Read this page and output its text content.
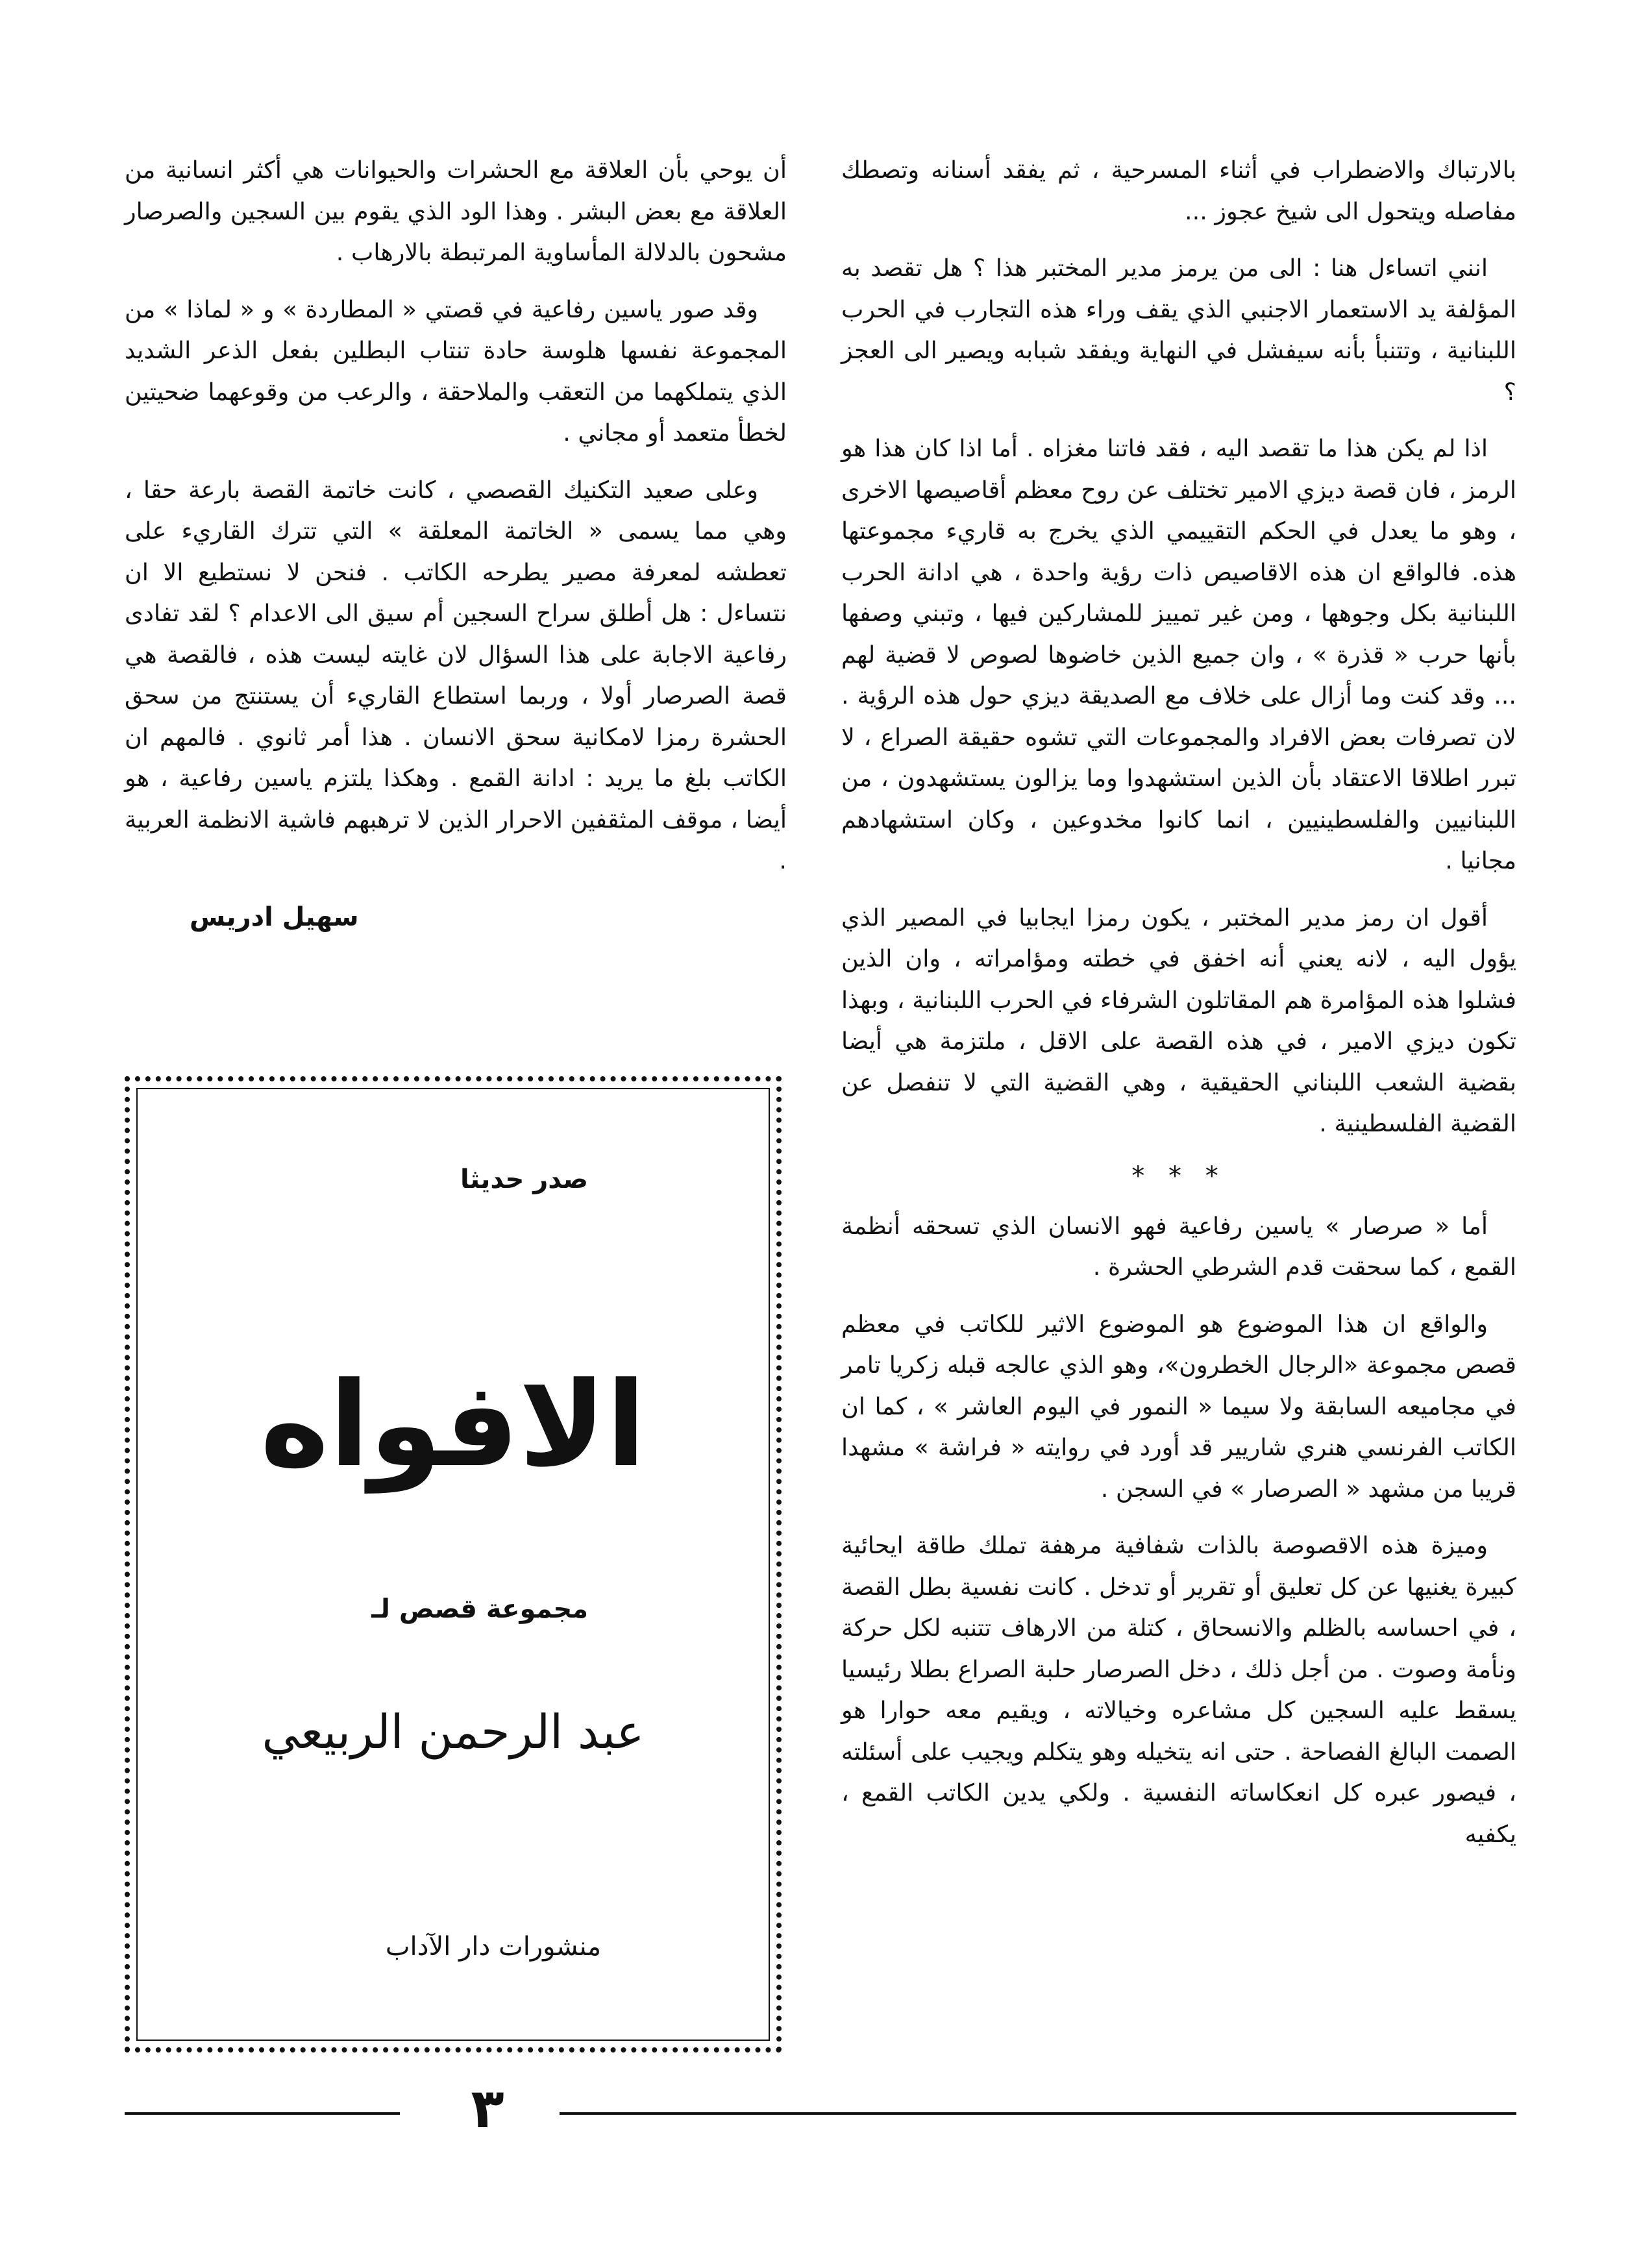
بالارتباك والاضطراب في أثناء المسرحية ، ثم يفقد أسنانه وتصطك مفاصله ويتحول الى شيخ عجوز ...

انني اتساءل هنا : الى من يرمز مدير المختبر هذا ؟ هل تقصد به المؤلفة يد الاستعمار الاجنبي الذي يقف وراء هذه التجارب في الحرب اللبنانية ، وتتنبأ بأنه سيفشل في النهاية ويفقد شبابه ويصير الى العجز ؟

اذا لم يكن هذا ما تقصد اليه ، فقد فاتنا مغزاه . أما اذا كان هذا هو الرمز ، فان قصة ديزي الامير تختلف عن روح معظم أقاصيصها الاخرى ، وهو ما يعدل في الحكم التقييمي الذي يخرج به قاريء مجموعتها هذه. فالواقع ان هذه الاقاصيص ذات رؤية واحدة ، هي ادانة الحرب اللبنانية بكل وجوهها ، ومن غير تمييز للمشاركين فيها ، وتبني وصفها بأنها حرب « قذرة » ، وان جميع الذين خاضوها لصوص لا قضية لهم ... وقد كنت وما أزال على خلاف مع الصديقة ديزي حول هذه الرؤية . لان تصرفات بعض الافراد والمجموعات التي تشوه حقيقة الصراع ، لا تبرر اطلاقا الاعتقاد بأن الذين استشهدوا وما يزالون يستشهدون ، من اللبنانيين والفلسطينيين ، انما كانوا مخدوعين ، وكان استشهادهم مجانيا .

أقول ان رمز مدير المختبر ، يكون رمزا ايجابيا في المصير الذي يؤول اليه ، لانه يعني أنه اخفق في خطته ومؤامراته ، وان الذين فشلوا هذه المؤامرة هم المقاتلون الشرفاء في الحرب اللبنانية ، وبهذا تكون ديزي الامير ، في هذه القصة على الاقل ، ملتزمة هي أيضا بقضية الشعب اللبناني الحقيقية ، وهي القضية التي لا تنفصل عن القضية الفلسطينية .

* * *

أما « صرصار » ياسين رفاعية فهو الانسان الذي تسحقه أنظمة القمع ، كما سحقت قدم الشرطي الحشرة .

والواقع ان هذا الموضوع هو الموضوع الاثير للكاتب في معظم قصص مجموعة «الرجال الخطرون»، وهو الذي عالجه قبله زكريا تامر في مجاميعه السابقة ولا سيما « النمور في اليوم العاشر » ، كما ان الكاتب الفرنسي هنري شاريير قد أورد في روايته « فراشة » مشهدا قريبا من مشهد « الصرصار » في السجن .

وميزة هذه الاقصوصة بالذات شفافية مرهفة تملك طاقة ايحائية كبيرة يغنيها عن كل تعليق أو تقرير أو تدخل . كانت نفسية بطل القصة ، في احساسه بالظلم والانسحاق ، كتلة من الارهاف تتنبه لكل حركة ونأمة وصوت . من أجل ذلك ، دخل الصرصار حلبة الصراع بطلا رئيسيا يسقط عليه السجين كل مشاعره وخيالاته ، ويقيم معه حوارا هو الصمت البالغ الفصاحة . حتى انه يتخيله وهو يتكلم ويجيب على أسئلته ، فيصور عبره كل انعكاساته النفسية . ولكي يدين الكاتب القمع ، يكفيه

أن يوحي بأن العلاقة مع الحشرات والحيوانات هي أكثر انسانية من العلاقة مع بعض البشر . وهذا الود الذي يقوم بين السجين والصرصار مشحون بالدلالة المأساوية المرتبطة بالارهاب .

وقد صور ياسين رفاعية في قصتي « المطاردة » و « لماذا » من المجموعة نفسها هلوسة حادة تنتاب البطلين بفعل الذعر الشديد الذي يتملكهما من التعقب والملاحقة ، والرعب من وقوعهما ضحيتين لخطأ متعمد أو مجاني .

وعلى صعيد التكنيك القصصي ، كانت خاتمة القصة بارعة حقا ، وهي مما يسمى « الخاتمة المعلقة » التي تترك القاريء على تعطشه لمعرفة مصير يطرحه الكاتب . فنحن لا نستطيع الا ان نتساءل : هل أطلق سراح السجين أم سيق الى الاعدام ؟ لقد تفادى رفاعية الاجابة على هذا السؤال لان غايته ليست هذه ، فالقصة هي قصة الصرصار أولا ، وربما استطاع القاريء أن يستنتج من سحق الحشرة رمزا لامكانية سحق الانسان . هذا أمر ثانوي . فالمهم ان الكاتب بلغ ما يريد : ادانة القمع . وهكذا يلتزم ياسين رفاعية ، هو أيضا ، موقف المثقفين الاحرار الذين لا ترهبهم فاشية الانظمة العربية .

سهيل ادريس
صدر حديثا
الافواه
مجموعة قصص لـ
عبد الرحمن الربيعي
منشورات دار الآداب
٣
